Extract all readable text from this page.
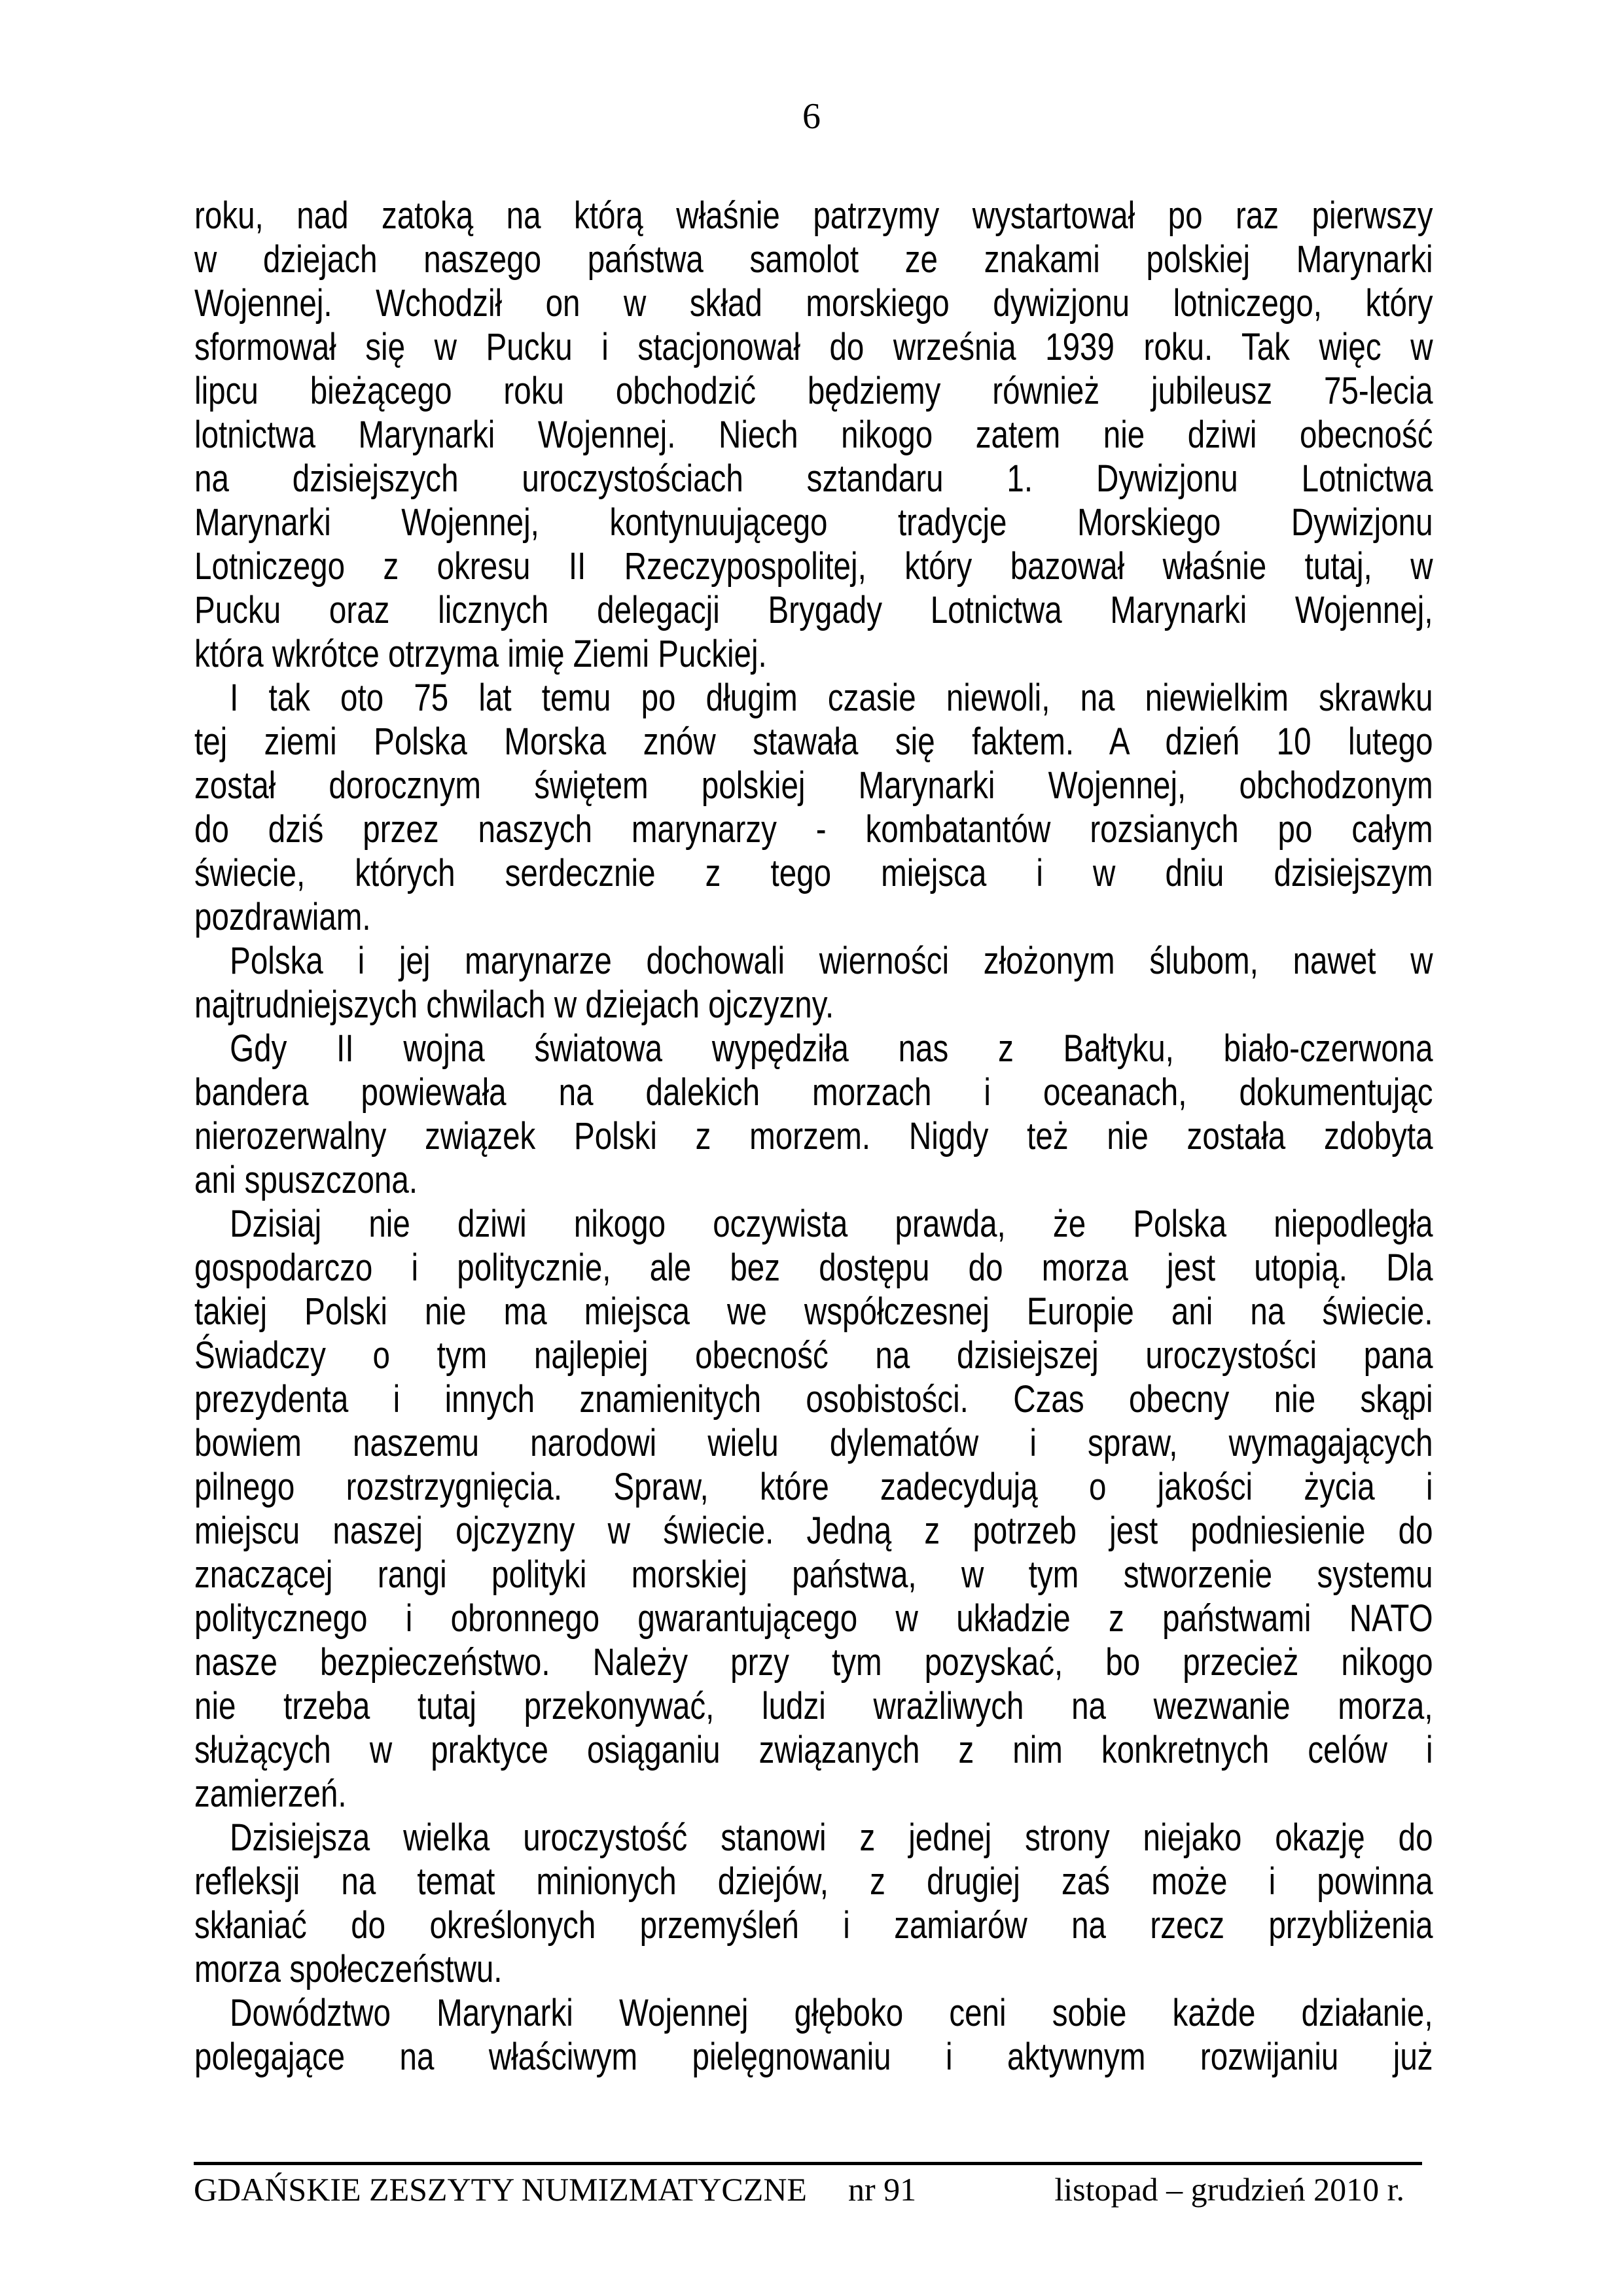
6
roku, nad zatoką na którą właśnie patrzymy wystartował po raz pierwszy
w dziejach naszego państwa samolot ze znakami polskiej Marynarki
Wojennej. Wchodził on w skład morskiego dywizjonu lotniczego, który
sformował się w Pucku i stacjonował do września 1939 roku. Tak więc w
lipcu bieżącego roku obchodzić będziemy również jubileusz 75-lecia
lotnictwa Marynarki Wojennej. Niech nikogo zatem nie dziwi obecność
na dzisiejszych uroczystościach sztandaru 1. Dywizjonu Lotnictwa
Marynarki Wojennej, kontynuującego tradycje Morskiego Dywizjonu
Lotniczego z okresu II Rzeczypospolitej, który bazował właśnie tutaj, w
Pucku oraz licznych delegacji Brygady Lotnictwa Marynarki Wojennej,
która wkrótce otrzyma imię Ziemi Puckiej.
I tak oto 75 lat temu po długim czasie niewoli, na niewielkim skrawku
tej ziemi Polska Morska znów stawała się faktem. A dzień 10 lutego
został dorocznym świętem polskiej Marynarki Wojennej, obchodzonym
do dziś przez naszych marynarzy - kombatantów rozsianych po całym
świecie, których serdecznie z tego miejsca i w dniu dzisiejszym
pozdrawiam.
Polska i jej marynarze dochowali wierności złożonym ślubom, nawet w
najtrudniejszych chwilach w dziejach ojczyzny.
Gdy II wojna światowa wypędziła nas z Bałtyku, biało-czerwona
bandera powiewała na dalekich morzach i oceanach, dokumentując
nierozerwalny związek Polski z morzem. Nigdy też nie została zdobyta
ani spuszczona.
Dzisiaj nie dziwi nikogo oczywista prawda, że Polska niepodległa
gospodarczo i politycznie, ale bez dostępu do morza jest utopią. Dla
takiej Polski nie ma miejsca we współczesnej Europie ani na świecie.
Świadczy o tym najlepiej obecność na dzisiejszej uroczystości pana
prezydenta i innych znamienitych osobistości. Czas obecny nie skąpi
bowiem naszemu narodowi wielu dylematów i spraw, wymagających
pilnego rozstrzygnięcia. Spraw, które zadecydują o jakości życia i
miejscu naszej ojczyzny w świecie. Jedną z potrzeb jest podniesienie do
znaczącej rangi polityki morskiej państwa, w tym stworzenie systemu
politycznego i obronnego gwarantującego w układzie z państwami NATO
nasze bezpieczeństwo. Należy przy tym pozyskać, bo przecież nikogo
nie trzeba tutaj przekonywać, ludzi wrażliwych na wezwanie morza,
służących w praktyce osiąganiu związanych z nim konkretnych celów i
zamierzeń.
Dzisiejsza wielka uroczystość stanowi z jednej strony niejako okazję do
refleksji na temat minionych dziejów, z drugiej zaś może i powinna
skłaniać do określonych przemyśleń i zamiarów na rzecz przybliżenia
morza społeczeństwu.
Dowództwo Marynarki Wojennej głęboko ceni sobie każde działanie,
polegające na właściwym pielęgnowaniu i aktywnym rozwijaniu już
GDAŃSKIE ZESZYTY NUMIZMATYCZNE nr 91	listopad – grudzień 2010 r.
